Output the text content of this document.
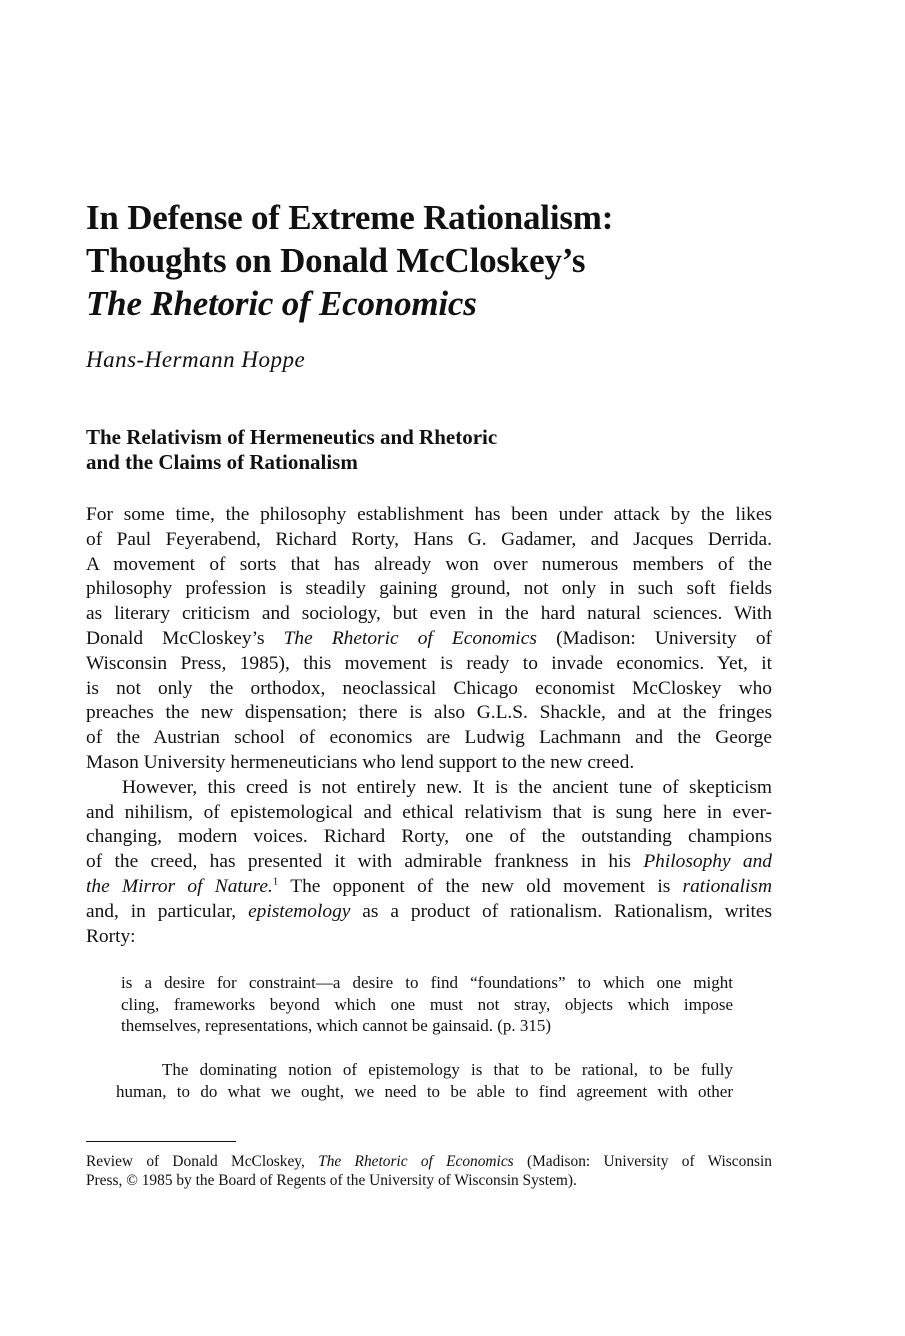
In Defense of Extreme Rationalism:
Thoughts on Donald McCloskey’s
The Rhetoric of Economics
Hans-Hermann Hoppe
The Relativism of Hermeneutics and Rhetoric
and the Claims of Rationalism

For some time, the philosophy establishment has been under attack by the likes
of Paul Feyerabend, Richard Rorty, Hans G. Gadamer, and Jacques Derrida.
A movement of sorts that has already won over numerous members of the
philosophy profession is steadily gaining ground, not only in such soft fields
as literary criticism and sociology, but even in the hard natural sciences. With
Donald McCloskey’s The Rhetoric of Economics (Madison: University of
Wisconsin Press, 1985), this movement is ready to invade economics. Yet, it
is not only the orthodox, neoclassical Chicago economist McCloskey who
preaches the new dispensation; there is also G.L.S. Shackle, and at the fringes
of the Austrian school of economics are Ludwig Lachmann and the George
Mason University hermeneuticians who lend support to the new creed.

However, this creed is not entirely new. It is the ancient tune of skepticism
and nihilism, of epistemological and ethical relativism that is sung here in ever-
changing, modern voices. Richard Rorty, one of the outstanding champions
of the creed, has presented it with admirable frankness in his Philosophy and
the Mirror of Nature.$^1$ The opponent of the new old movement is rationalism
and, in particular, epistemology as a product of rationalism. Rationalism, writes
Rorty:

is a desire for constraint—a desire to find “foundations” to which one might
cling, frameworks beyond which one must not stray, objects which impose
themselves, representations, which cannot be gainsaid. (p. 315)
The dominating notion of epistemology is that to be rational, to be fully
human, to do what we ought, we need to be able to find agreement with other
Review of Donald McCloskey, The Rhetoric of Economics (Madison: University of Wisconsin
Press, © 1985 by the Board of Regents of the University of Wisconsin System).
